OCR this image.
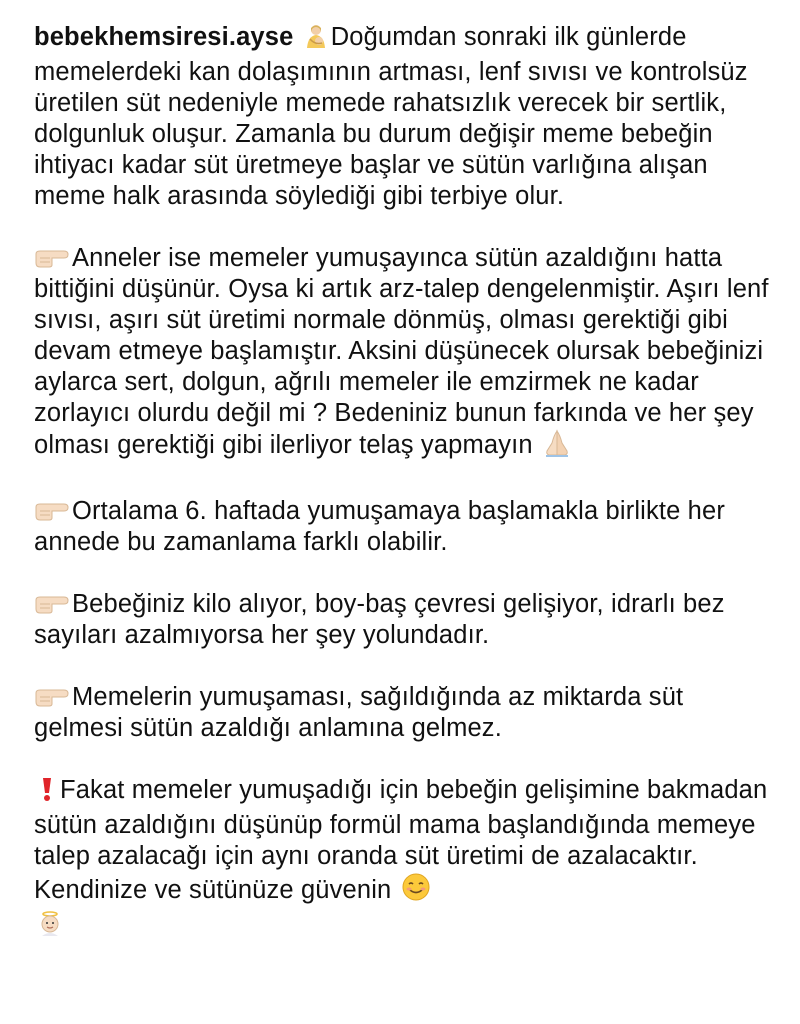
bebekhemsiresi.ayse Doğumdan sonraki ilk günlerde memelerdeki kan dolaşımının artması, lenf sıvısı ve kontrolsüz üretilen süt nedeniyle memede rahatsızlık verecek bir sertlik, dolgunluk oluşur. Zamanla bu durum değişir meme bebeğin ihtiyacı kadar süt üretmeye başlar ve sütün varlığına alışan meme halk arasında söylediği gibi terbiye olur.

Anneler ise memeler yumuşayınca sütün azaldığını hatta bittiğini düşünür. Oysa ki artık arz-talep dengelenmiştir. Aşırı lenf sıvısı, aşırı süt üretimi normale dönmüş, olması gerektiği gibi devam etmeye başlamıştır. Aksini düşünecek olursak bebeğinizi aylarca sert, dolgun, ağrılı memeler ile emzirmek ne kadar zorlayıcı olurdu değil mi ? Bedeniniz bunun farkında ve her şey olması gerektiği gibi ilerliyor telaş yapmayın

Ortalama 6. haftada yumuşamaya başlamakla birlikte her annede bu zamanlama farklı olabilir.

Bebeğiniz kilo alıyor, boy-baş çevresi gelişiyor, idrarlı bez sayıları azalmıyorsa her şey yolundadır.

Memelerin yumuşaması, sağıldığında az miktarda süt gelmesi sütün azaldığı anlamına gelmez.

Fakat memeler yumuşadığı için bebeğin gelişimine bakmadan sütün azaldığını düşünüp formül mama başlandığında memeye talep azalacağı için aynı oranda süt üretimi de azalacaktır. Kendinize ve sütünüze güvenin
